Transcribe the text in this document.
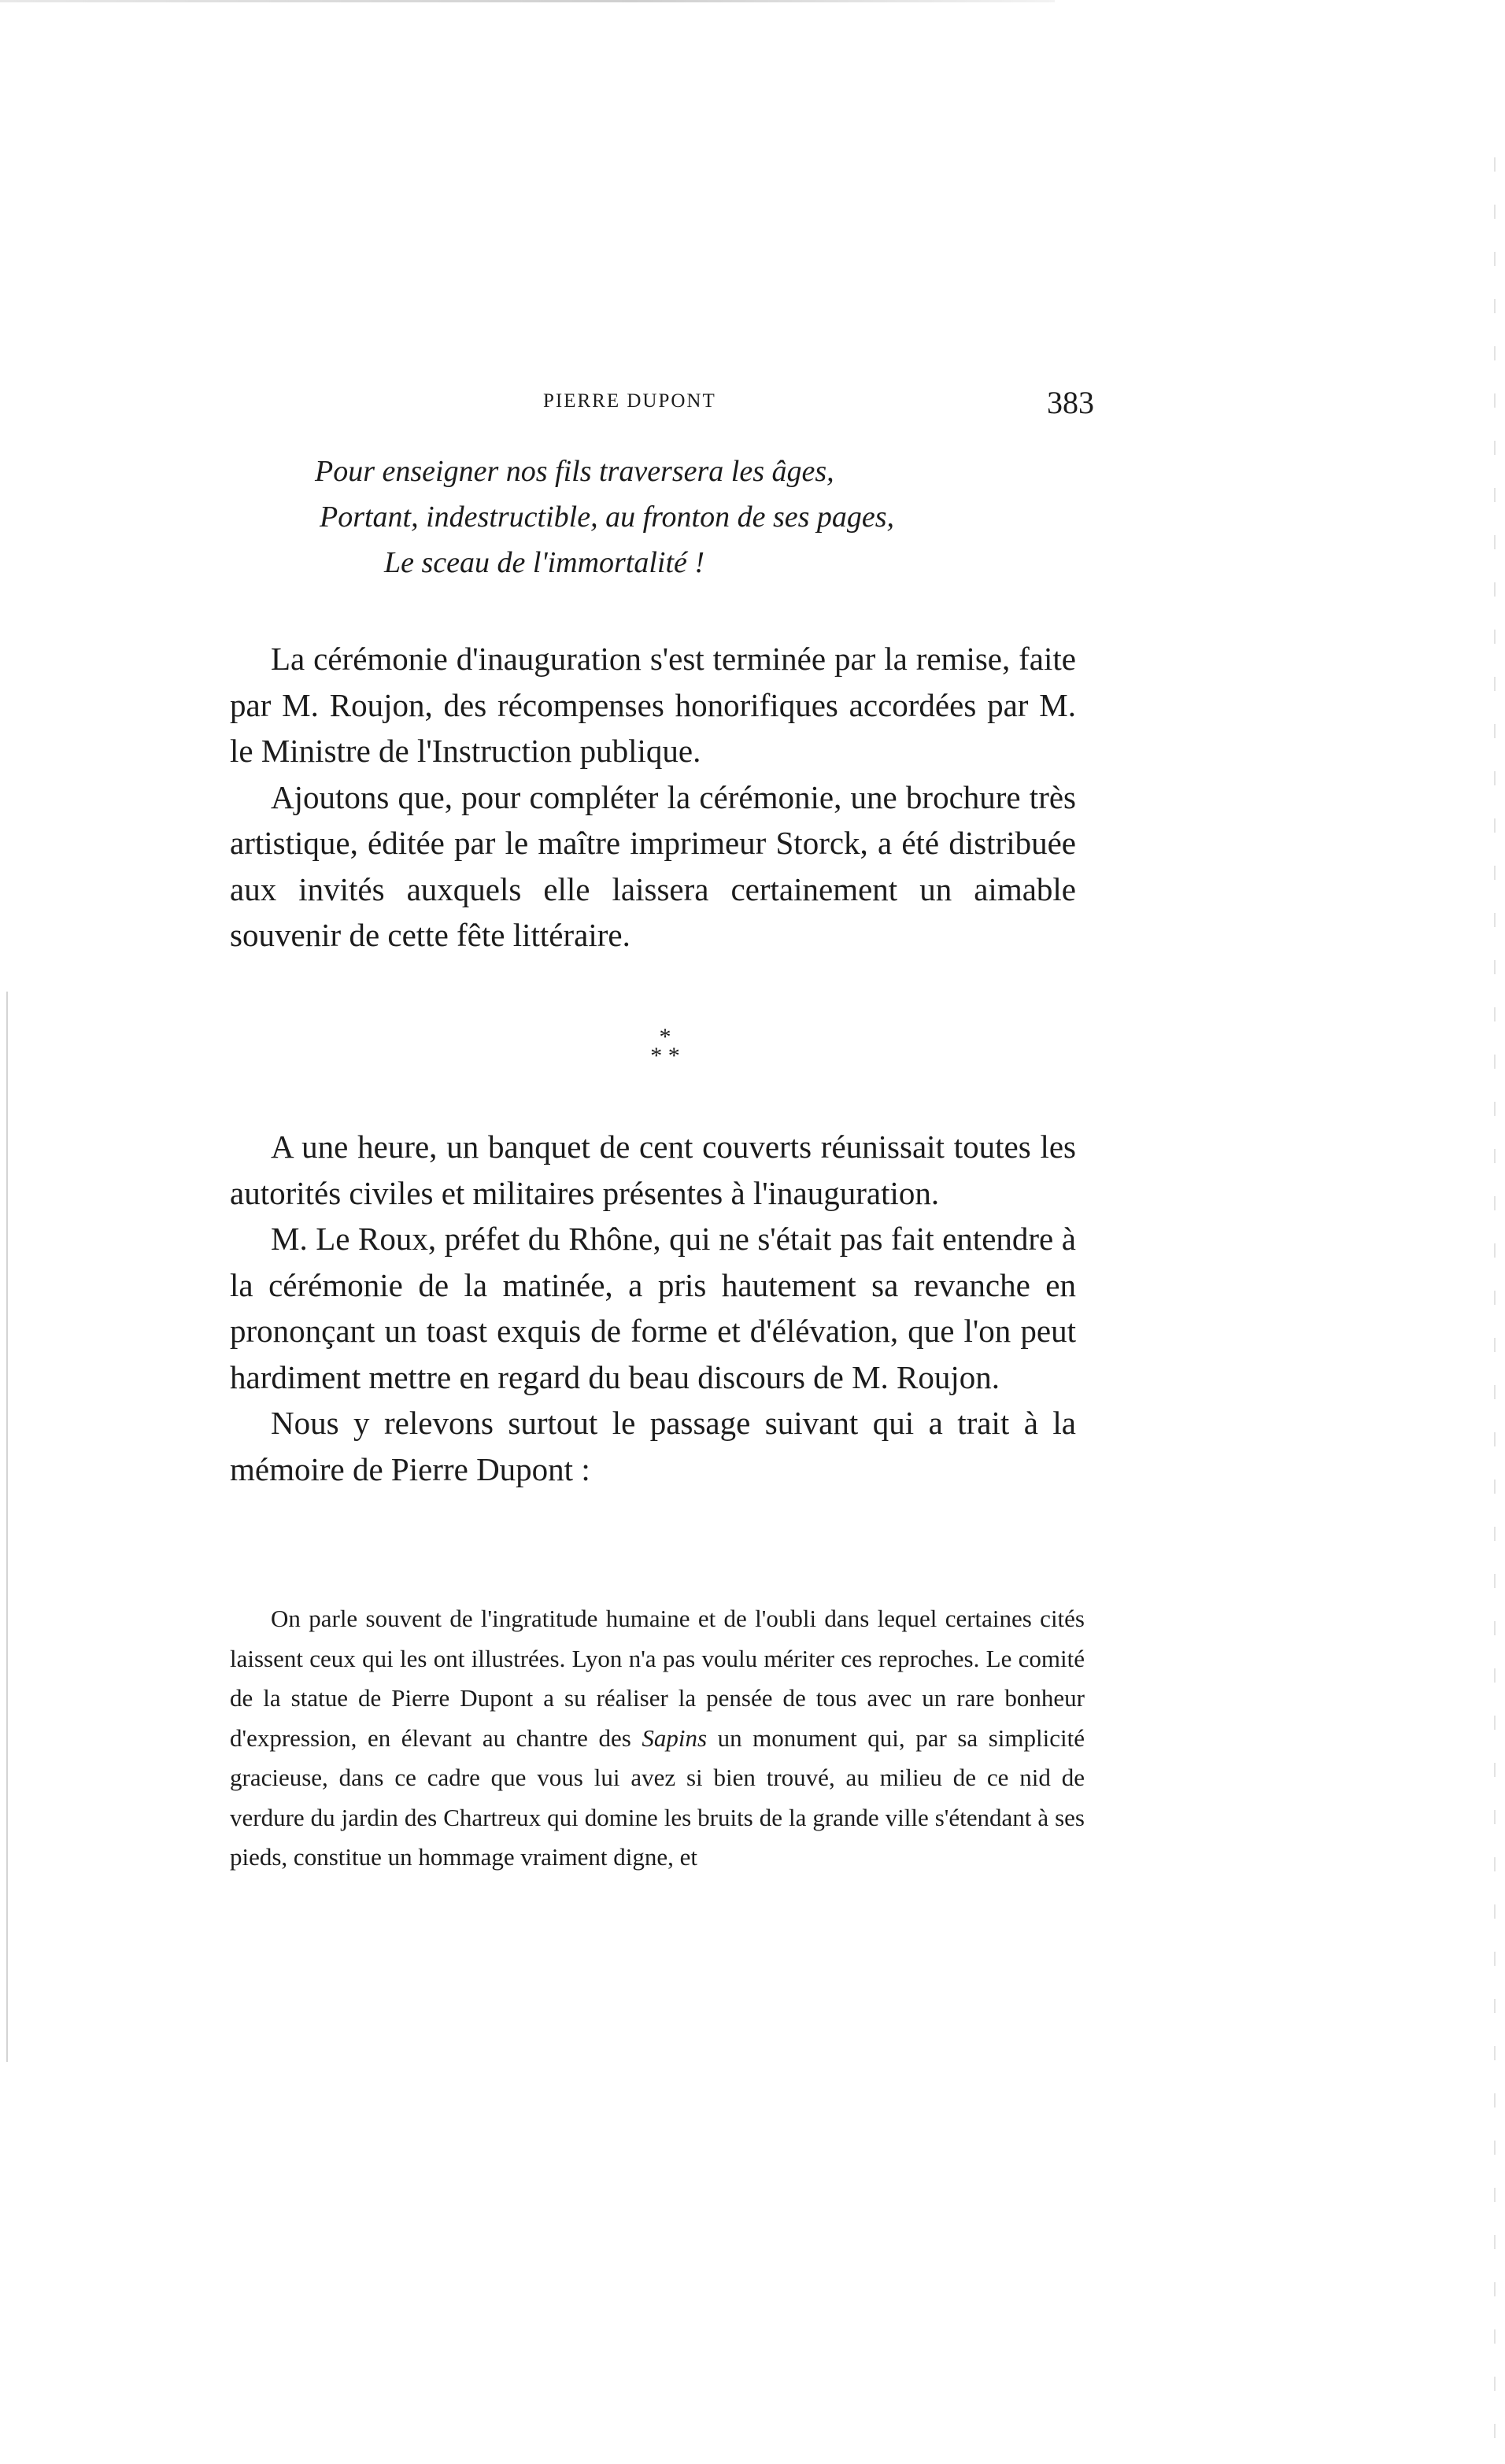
PIERRE DUPONT	383
Pour enseigner nos fils traversera les âges,
Portant, indestructible, au fronton de ses pages,
Le sceau de l'immortalité !

La cérémonie d'inauguration s'est terminée par la remise, faite par M. Roujon, des récompenses honorifiques accordées par M. le Ministre de l'Instruction publique.

Ajoutons que, pour compléter la cérémonie, une brochure très artistique, éditée par le maître imprimeur Storck, a été distribuée aux invités auxquels elle laissera certainement un aimable souvenir de cette fête littéraire.

*
* *

A une heure, un banquet de cent couverts réunissait toutes les autorités civiles et militaires présentes à l'inauguration.

M. Le Roux, préfet du Rhône, qui ne s'était pas fait entendre à la cérémonie de la matinée, a pris hautement sa revanche en prononçant un toast exquis de forme et d'élévation, que l'on peut hardiment mettre en regard du beau discours de M. Roujon.

Nous y relevons surtout le passage suivant qui a trait à la mémoire de Pierre Dupont :

On parle souvent de l'ingratitude humaine et de l'oubli dans lequel certaines cités laissent ceux qui les ont illustrées. Lyon n'a pas voulu mériter ces reproches. Le comité de la statue de Pierre Dupont a su réaliser la pensée de tous avec un rare bonheur d'expression, en élevant au chantre des Sapins un monument qui, par sa simplicité gracieuse, dans ce cadre que vous lui avez si bien trouvé, au milieu de ce nid de verdure du jardin des Chartreux qui domine les bruits de la grande ville s'étendant à ses pieds, constitue un hommage vraiment digne, et
